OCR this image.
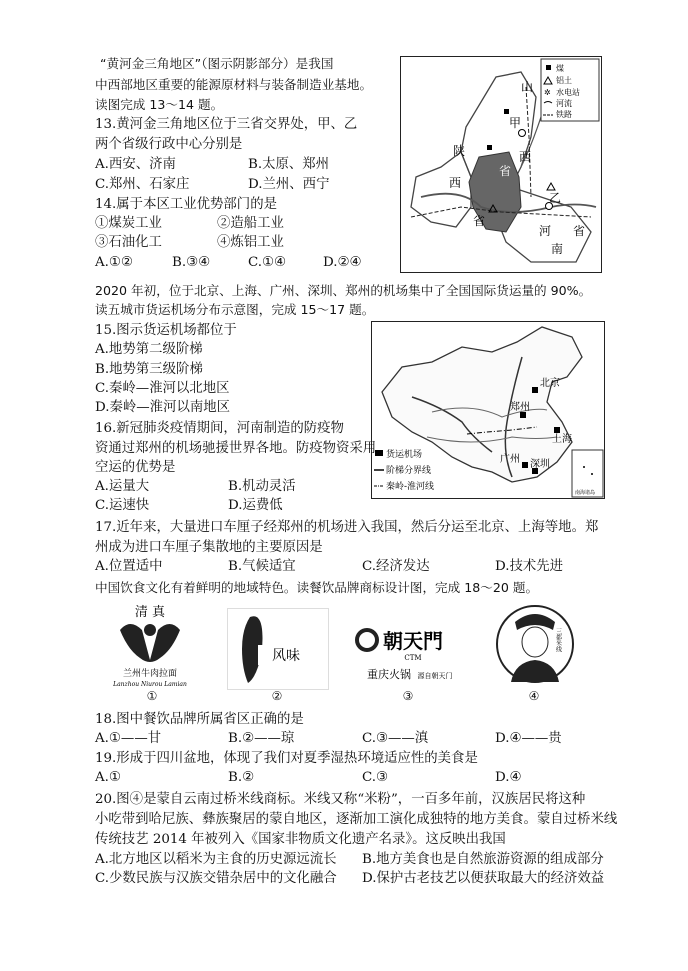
“黄河金三角地区”（图示阴影部分）是我国
中西部地区重要的能源原材料与装备制造业基地。
读图完成 13～14 题。
山
西
甲
陕
西
省
乙
省
河
南
省
煤
铝土
✲ 水电站
河流
铁路
13.黄河金三角地区位于三省交界处，甲、乙
两个省级行政中心分别是
A.西安、济南	B.太原、郑州
C.郑州、石家庄	D.兰州、西宁
14.属于本区工业优势部门的是
①煤炭工业	②造船工业
③石油化工	④炼铝工业
A.①②	B.③④	C.①④	D.②④
2020 年初，位于北京、上海、广州、深圳、郑州的机场集中了全国国际货运量的 90%。
读五城市货运机场分布示意图，完成 15～17 题。
北京
郑州
上海
广州 深圳
货运机场
阶梯分界线
秦岭-淮河线
南海诸岛
15.图示货运机场都位于
A.地势第二级阶梯
B.地势第三级阶梯
C.秦岭—淮河以北地区
D.秦岭—淮河以南地区
16.新冠肺炎疫情期间，河南制造的防疫物
资通过郑州的机场驰援世界各地。防疫物资采用
空运的优势是
A.运量大	B.机动灵活
C.运速快	D.运费低
17.近年来，大量进口车厘子经郑州的机场进入我国，然后分运至北京、上海等地。郑
州成为进口车厘子集散地的主要原因是
A.位置适中	B.气候适宜	C.经济发达	D.技术先进
中国饮食文化有着鲜明的地域特色。读餐饮品牌商标设计图，完成 18～20 题。
清 真
兰州牛肉拉面
Lanzhou Niurou Lamian
风味
朝天門
CTM
重庆火锅 源自朝天门
三都米线
①	②	③	④
18.图中餐饮品牌所属省区正确的是
A.①——甘	B.②——琼	C.③——滇	D.④——贵
19.形成于四川盆地，体现了我们对夏季湿热环境适应性的美食是
A.①	B.②	C.③	D.④
20.图④是蒙自云南过桥米线商标。米线又称“米粉”，一百多年前，汉族居民将这种
小吃带到哈尼族、彝族聚居的蒙自地区，逐渐加工演化成独特的地方美食。蒙自过桥米线
传统技艺 2014 年被列入《国家非物质文化遗产名录》。这反映出我国
A.北方地区以稻米为主食的历史源远流长 B.地方美食也是自然旅游资源的组成部分
C.少数民族与汉族交错杂居中的文化融合 D.保护古老技艺以便获取最大的经济效益
